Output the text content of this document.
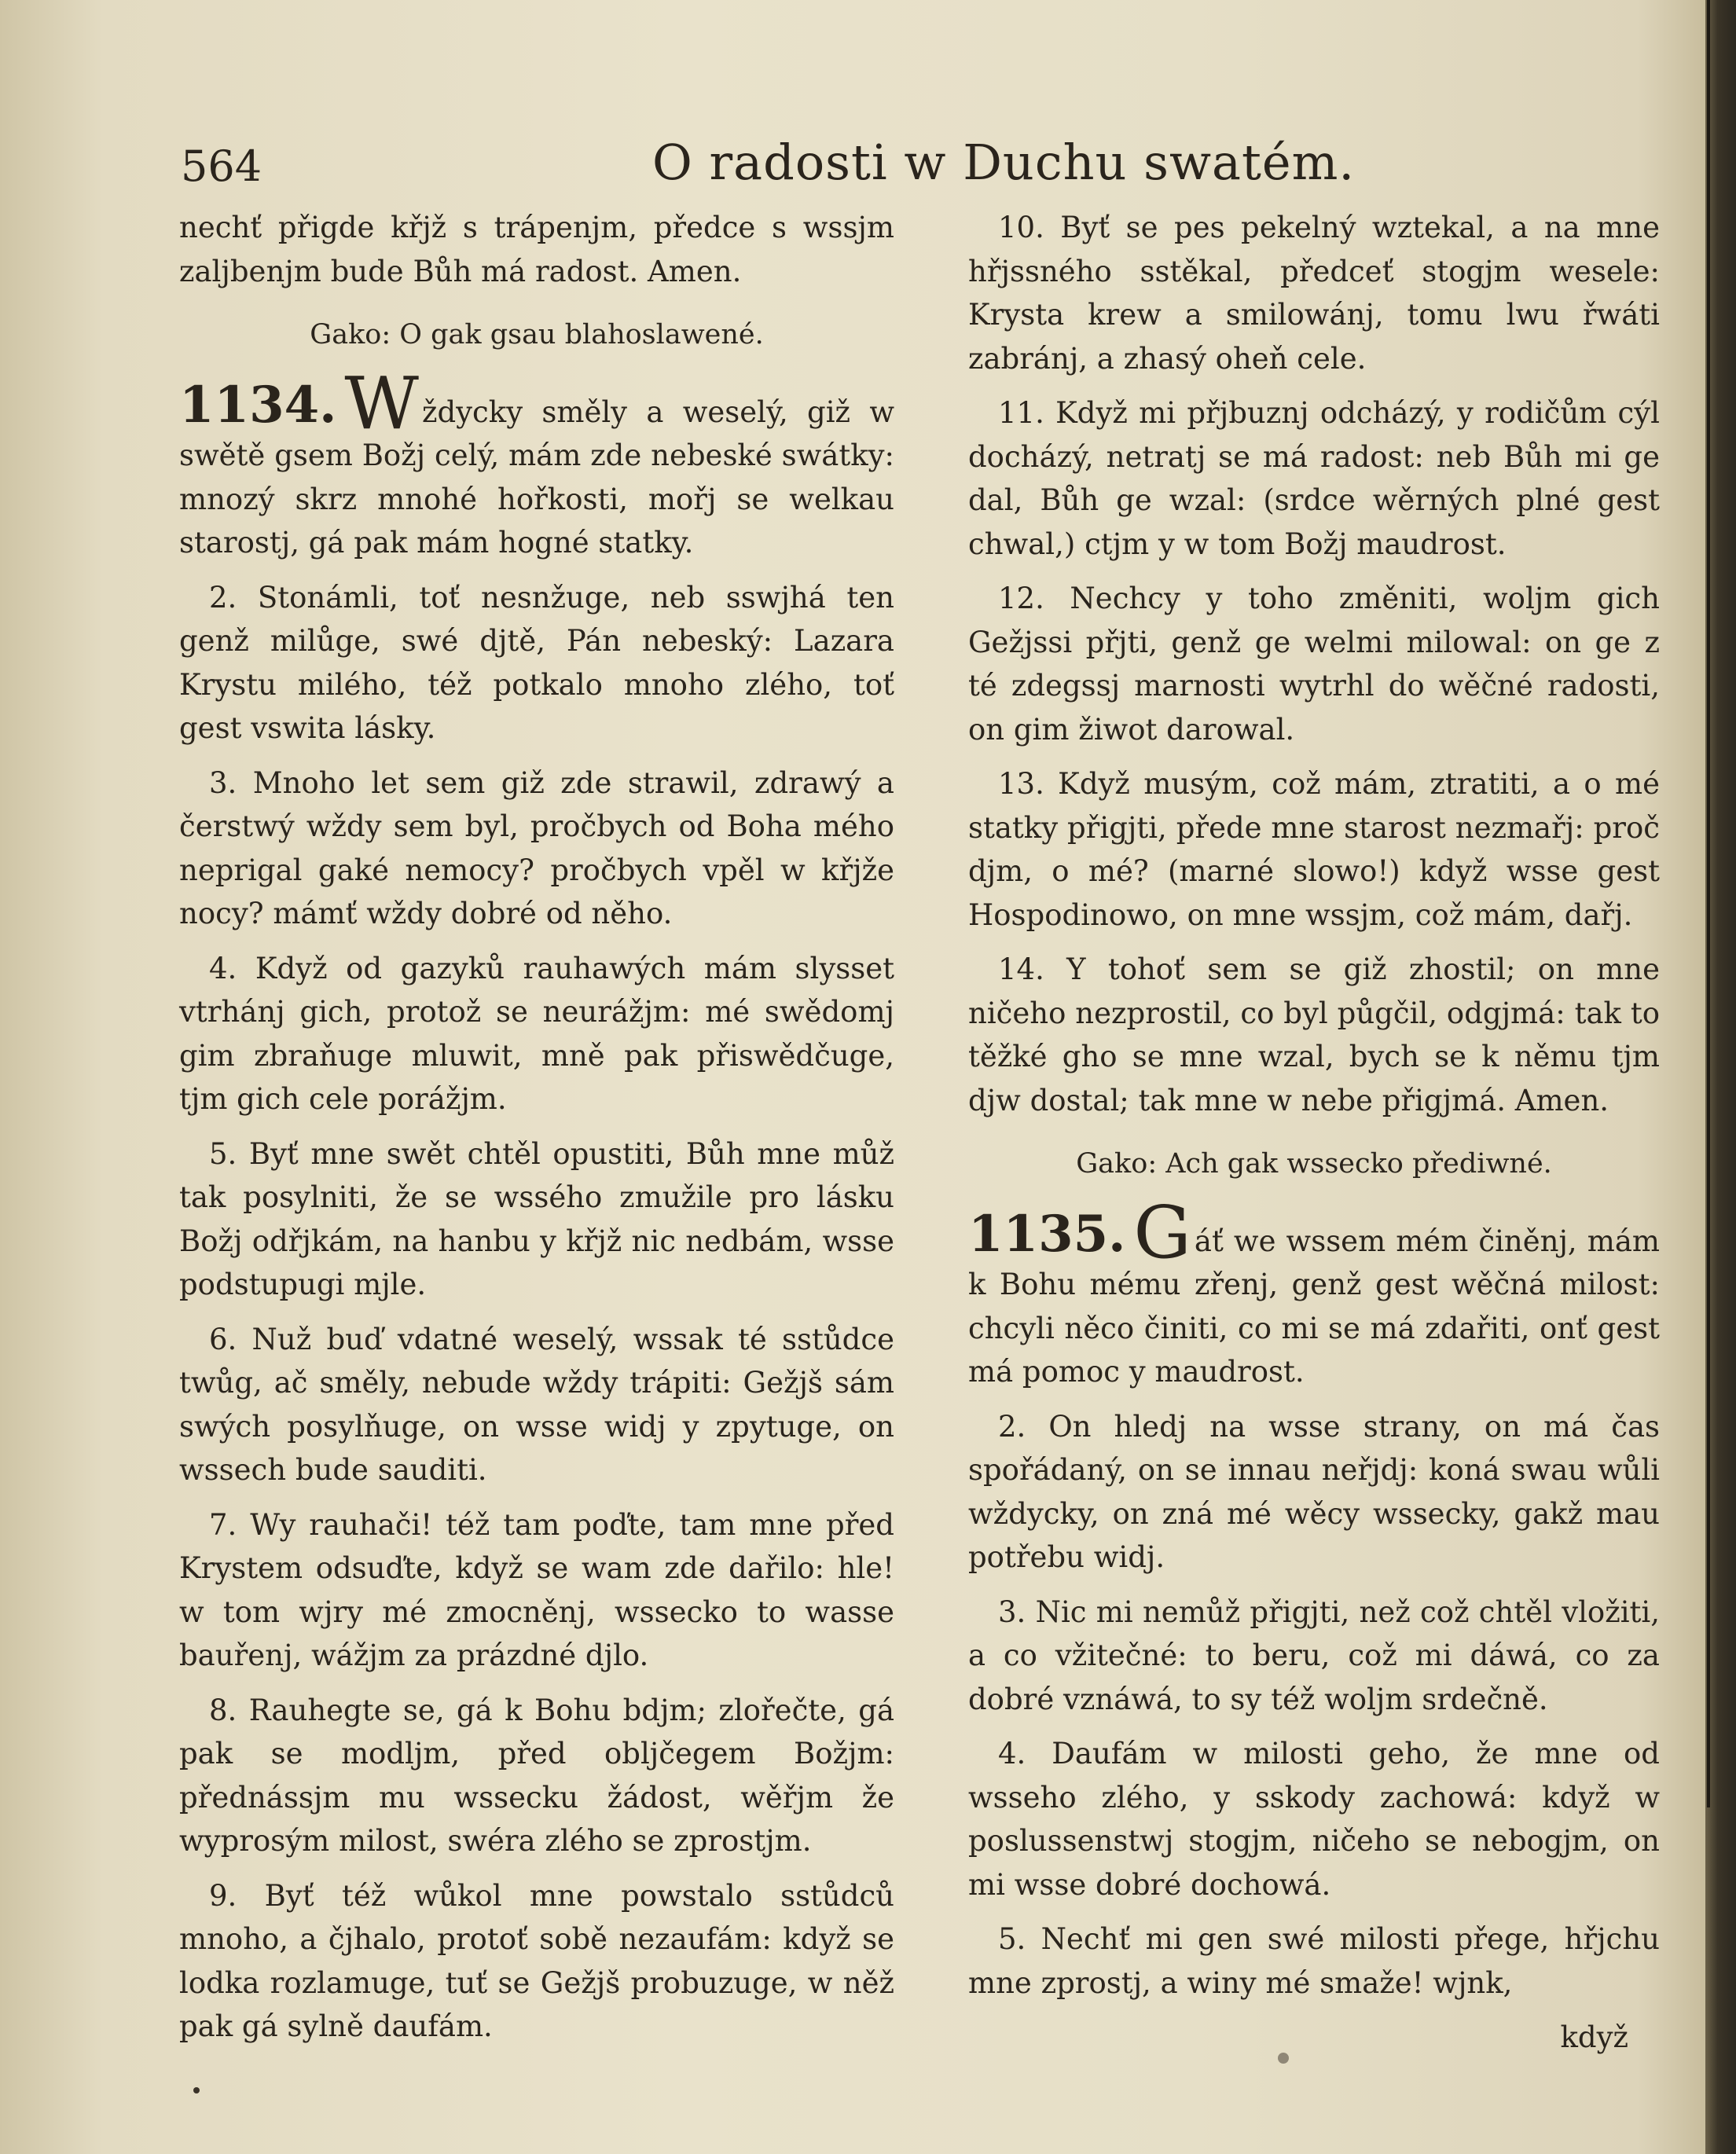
564	O radosti w Duchu swatém.

nechť přigde křjž s trápenjm, předce s wssjm zaljbenjm bude Bůh má radost. Amen.

Gako: O gak gsau blahoslawené.

1134. W ždycky směly a weselý, giž w swětě gsem Božj celý, mám zde nebeské swátky: mnozý skrz mnohé hořkosti, mořj se welkau starostj, gá pak mám hogné statky.

2. Stonámli, toť nesnžuge, neb sswjhá ten genž milůge, swé djtě, Pán nebeský: Lazara Krystu milého, též potkalo mnoho zlého, toť gest vswita lásky.

3. Mnoho let sem giž zde strawil, zdrawý a čerstwý wždy sem byl, pročbych od Boha mého neprigal gaké nemocy? pročbych vpěl w křjže nocy? mámť wždy dobré od něho.

4. Když od gazyků rauhawých mám slysset vtrhánj gich, protož se neurážjm: mé swědomj gim zbraňuge mluwit, mně pak přiswědčuge, tjm gich cele porážjm.

5. Byť mne swět chtěl opustiti, Bůh mne můž tak posylniti, že se wssého zmužile pro lásku Božj odřjkám, na hanbu y křjž nic nedbám, wsse podstupugi mjle.

6. Nuž buď vdatné weselý, wssak té sstůdce twůg, ač směly, nebude wždy trápiti: Gežjš sám swých posylňuge, on wsse widj y zpytuge, on wssech bude sauditi.

7. Wy rauhači! též tam poďte, tam mne před Krystem odsuďte, když se wam zde dařilo: hle! w tom wjry mé zmocněnj, wssecko to wasse bauřenj, wážjm za prázdné djlo.

8. Rauhegte se, gá k Bohu bdjm; zlořečte, gá pak se modljm, před obljčegem Božjm: přednássjm mu wssecku žádost, wěřjm že wyprosým milost, swéra zlého se zprostjm.

9. Byť též wůkol mne powstalo sstůdců mnoho, a čjhalo, protoť sobě nezaufám: když se lodka rozlamuge, tuť se Gežjš probuzuge, w něž pak gá sylně daufám.

10. Byť se pes pekelný wztekal, a na mne hřjssného sstěkal, předceť stogjm wesele: Krysta krew a smilowánj, tomu lwu řwáti zabránj, a zhasý oheň cele.

11. Když mi přjbuznj odcházý, y rodičům cýl docházý, netratj se má radost: neb Bůh mi ge dal, Bůh ge wzal: (srdce wěrných plné gest chwal,) ctjm y w tom Božj maudrost.

12. Nechcy y toho změniti, woljm gich Gežjssi přjti, genž ge welmi milowal: on ge z té zdegssj marnosti wytrhl do wěčné radosti, on gim žiwot darowal.

13. Když musým, což mám, ztratiti, a o mé statky přigjti, přede mne starost nezmařj: proč djm, o mé? (marné slowo!) když wsse gest Hospodinowo, on mne wssjm, což mám, dařj.

14. Y tohoť sem se giž zhostil; on mne ničeho nezprostil, co byl půgčil, odgjmá: tak to těžké gho se mne wzal, bych se k němu tjm djw dostal; tak mne w nebe přigjmá. Amen.

Gako: Ach gak wssecko přediwné.

1135. G áť we wssem mém činěnj, mám k Bohu mému zřenj, genž gest wěčná milost: chcyli něco činiti, co mi se má zdařiti, onť gest má pomoc y maudrost.

2. On hledj na wsse strany, on má čas spořádaný, on se innau neřjdj: koná swau wůli wždycky, on zná mé wěcy wssecky, gakž mau potřebu widj.

3. Nic mi nemůž přigjti, než což chtěl vložiti, a co vžitečné: to beru, což mi dáwá, co za dobré vznáwá, to sy též woljm srdečně.

4. Daufám w milosti geho, že mne od wsseho zlého, y sskody zachowá: když w poslussenstwj stogjm, ničeho se nebogjm, on mi wsse dobré dochowá.

5. Nechť mi gen swé milosti přege, hřjchu mne zprostj, a winy mé smaže! wjnk,

když
